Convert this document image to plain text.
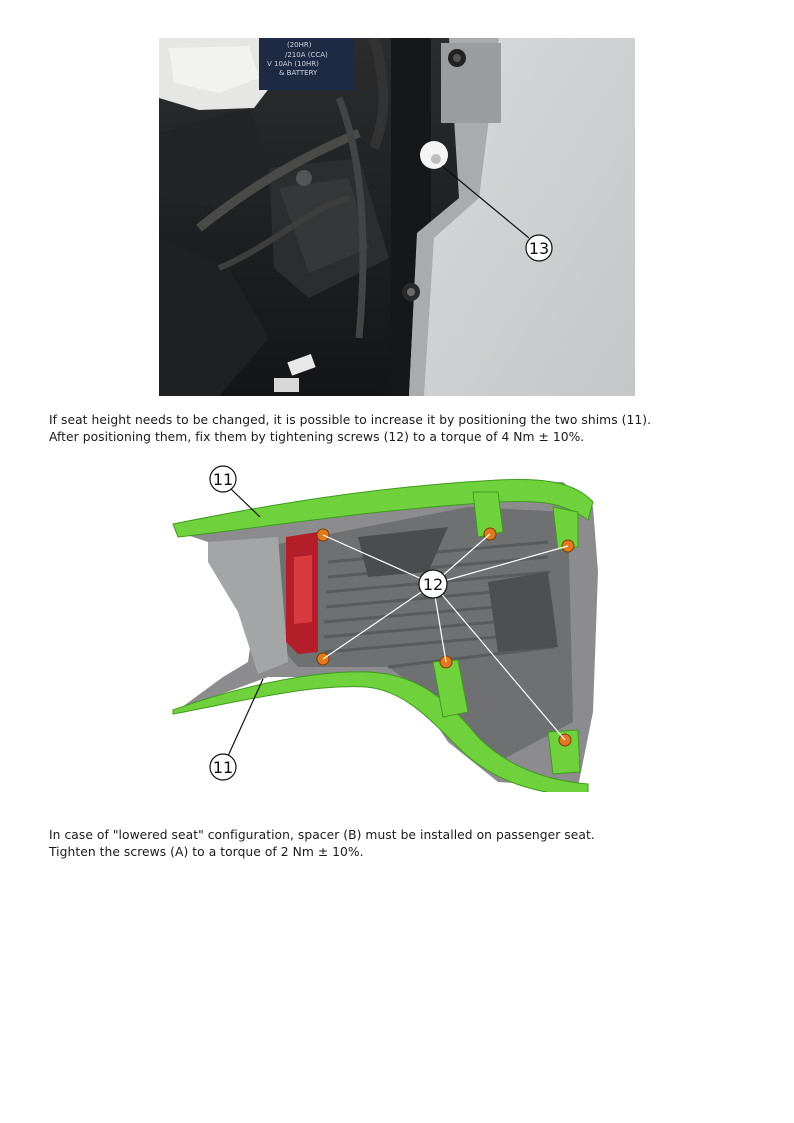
(20HR)
/210A (CCA)
V 10Ah (10HR)
& BATTERY
13

If seat height needs to be changed, it is possible to increase it by positioning the two shims (11).

After positioning them, fix them by tightening screws (12) to a torque of 4 Nm ± 10%.

12
11
11

In case of "lowered seat" configuration, spacer (B) must be installed on passenger seat.

Tighten the screws (A) to a torque of 2 Nm ± 10%.
